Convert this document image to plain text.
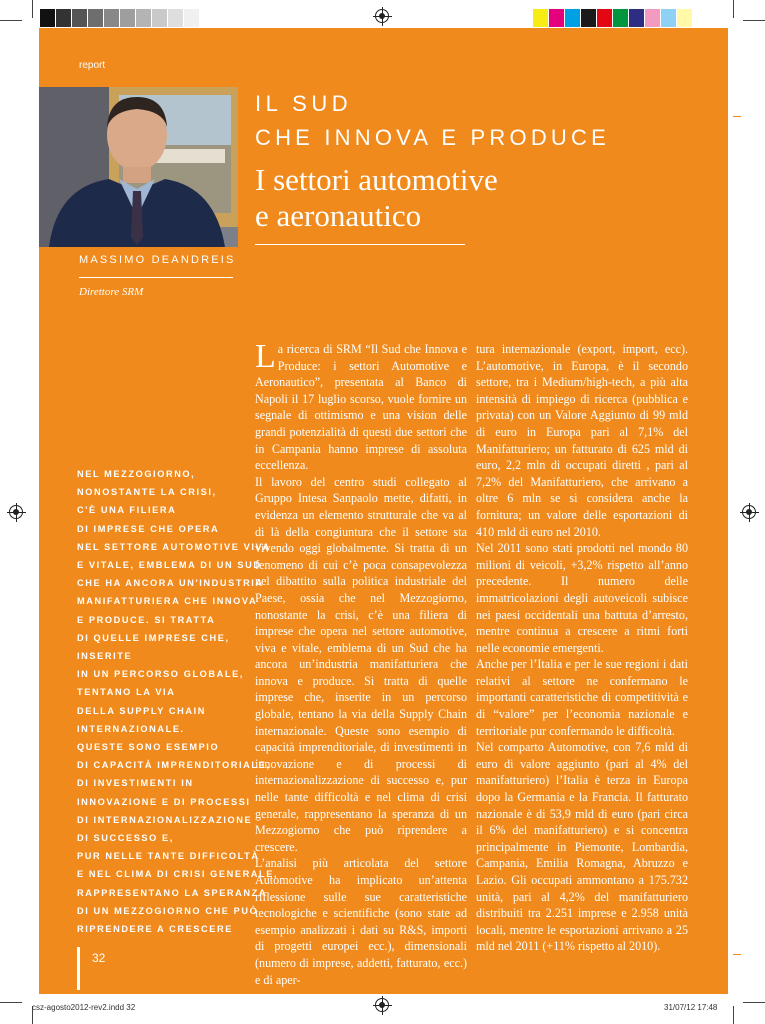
report
IL SUD
CHE INNOVA E PRODUCE
I settori automotive
e aeronautico
MASSIMO DEANDREIS
Direttore SRM
NEL MEZZOGIORNO,
NONOSTANTE LA CRISI,
C'È UNA FILIERA
DI IMPRESE CHE OPERA
NEL SETTORE AUTOMOTIVE VIVA
E VITALE, EMBLEMA DI UN SUD
CHE HA ANCORA UN'INDUSTRIA
MANIFATTURIERA CHE INNOVA
E PRODUCE. SI TRATTA
DI QUELLE IMPRESE CHE,
INSERITE
IN UN PERCORSO GLOBALE,
TENTANO LA VIA
DELLA SUPPLY CHAIN
INTERNAZIONALE.
QUESTE SONO ESEMPIO
DI CAPACITÀ IMPRENDITORIALE,
DI INVESTIMENTI IN
INNOVAZIONE E DI PROCESSI
DI INTERNAZIONALIZZAZIONE
DI SUCCESSO E,
PUR NELLE TANTE DIFFICOLTÀ
E NEL CLIMA DI CRISI GENERALE,
RAPPRESENTANO LA SPERANZA
DI UN MEZZOGIORNO CHE PUÒ
RIPRENDERE A CRESCERE

La ricerca di SRM “Il Sud che Innova e Produce: i settori Automotive e Aeronautico”, presentata al Banco di Napoli il 17 luglio scorso, vuole fornire un segnale di ottimismo e una vision delle grandi potenzialità di questi due settori che in Campania hanno imprese di assoluta eccellenza.

Il lavoro del centro studi collegato al Gruppo Intesa Sanpaolo mette, difatti, in evidenza un elemento strutturale che va al di là della congiuntura che il settore sta vivendo oggi globalmente. Si tratta di un fenomeno di cui c’è poca consapevolezza nel dibattito sulla politica industriale del Paese, ossia che nel Mezzogiorno, nonostante la crisi, c’è una filiera di imprese che opera nel settore automotive, viva e vitale, emblema di un Sud che ha ancora un’industria manifatturiera che innova e produce. Si tratta di quelle imprese che, inserite in un percorso globale, tentano la via della Supply Chain internazionale. Queste sono esempio di capacità imprenditoriale, di investimenti in innovazione e di processi di internazionalizzazione di successo e, pur nelle tante difficoltà e nel clima di crisi generale, rappresentano la speranza di un Mezzogiorno che può riprendere a crescere.

L’analisi più articolata del settore Automotive ha implicato un’attenta riflessione sulle sue caratteristiche tecnologiche e scientifiche (sono state ad esempio analizzati i dati su R&S, importi di progetti europei ecc.), dimensionali (numero di imprese, addetti, fatturato, ecc.) e di aper-

tura internazionale (export, import, ecc). L’automotive, in Europa, è il secondo settore, tra i Medium/high-tech, a più alta intensità di impiego di ricerca (pubblica e privata) con un Valore Aggiunto di 99 mld di euro in Europa pari al 7,1% del Manifatturiero; un fatturato di 625 mld di euro, 2,2 mln di occupati diretti , pari al 7,2% del Manifatturiero, che arrivano a oltre 6 mln se si considera anche la fornitura; un valore delle esportazioni di 410 mld di euro nel 2010.

Nel 2011 sono stati prodotti nel mondo 80 milioni di veicoli, +3,2% rispetto all’anno precedente. Il numero delle immatricolazioni degli autoveicoli subisce nei paesi occidentali una battuta d’arresto, mentre continua a crescere a ritmi forti nelle economie emergenti.

Anche per l’Italia e per le sue regioni i dati relativi al settore ne confermano le importanti caratteristiche di competitività e di “valore” per l’economia nazionale e territoriale pur confermando le difficoltà.

Nel comparto Automotive, con 7,6 mld di euro di valore aggiunto (pari al 4% del manifatturiero) l’Italia è terza in Europa dopo la Germania e la Francia. Il fatturato nazionale è di 53,9 mld di euro (pari circa il 6% del manifatturiero) e si concentra principalmente in Piemonte, Lombardia, Campania, Emilia Romagna, Abruzzo e Lazio. Gli occupati ammontano a 175.732 unità, pari al 4,2% del manifatturiero distribuiti tra 2.251 imprese e 2.958 unità locali, mentre le esportazioni arrivano a 25 mld nel 2011 (+11% rispetto al 2010).

32
csz-agosto2012-rev2.indd 32	31/07/12 17:48
